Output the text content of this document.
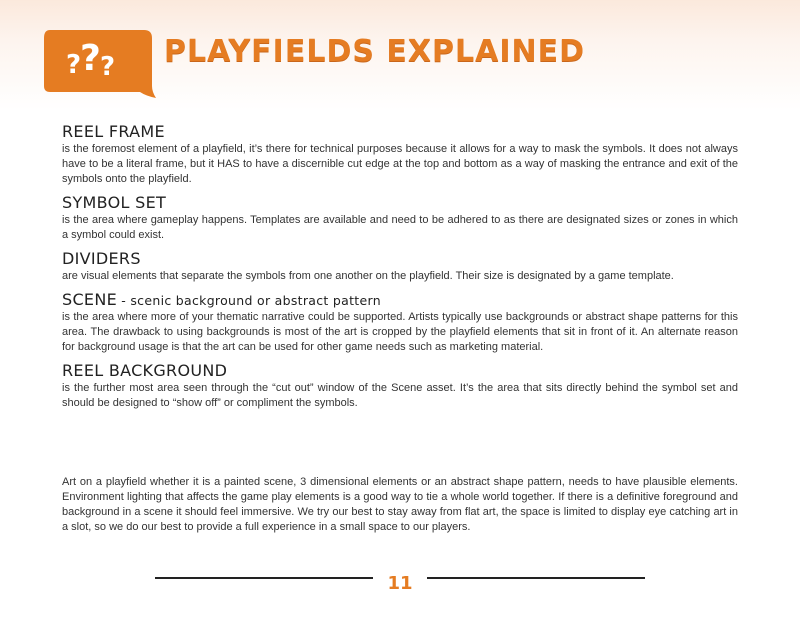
? ? ? PLAYFIELDS EXPLAINED
REEL FRAME

is the foremost element of a playfield, it’s there for technical purposes because it allows for a way to mask the symbols. It does not always have to be a literal frame, but it HAS to have a discernible cut edge at the top and bottom as a way of masking the entrance and exit of the symbols onto the playfield.

SYMBOL SET

is the area where gameplay happens. Templates are available and need to be adhered to as there are designated sizes or zones in which a symbol could exist.

DIVIDERS

are visual elements that separate the symbols from one another on the playfield. Their size is designated by a game template.

SCENE - scenic background or abstract pattern

is the area where more of your thematic narrative could be supported. Artists typically use backgrounds or abstract shape patterns for this area. The drawback to using backgrounds is most of the art is cropped by the playfield elements that sit in front of it. An alternate reason for background usage is that the art can be used for other game needs such as marketing material.

REEL BACKGROUND

is the further most area seen through the “cut out” window of the Scene asset. It’s the area that sits directly behind the symbol set and should be designed to “show off” or compliment the symbols.

Art on a playfield whether it is a painted scene, 3 dimensional elements or an abstract shape pattern, needs to have plausible elements. Environment lighting that affects the game play elements is a good way to tie a whole world together. If there is a definitive foreground and background in a scene it should feel immersive. We try our best to stay away from flat art, the space is limited to display eye catching art in a slot, so we do our best to provide a full experience in a small space to our players.

11
